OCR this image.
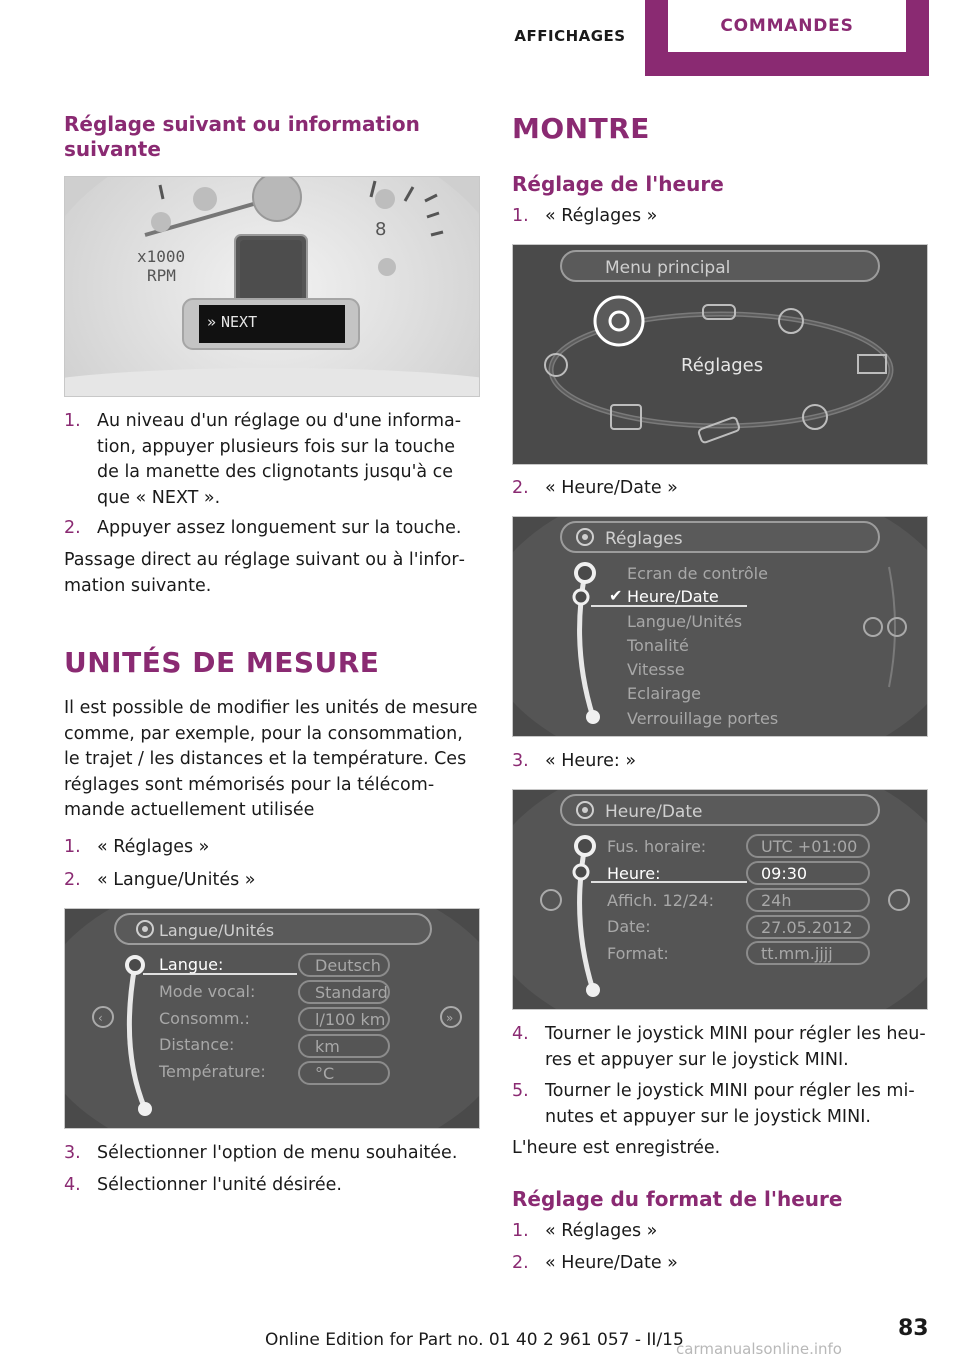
AFFICHAGES	COMMANDES
Réglage suivant ou information suivante
x1000
RPM
8
» NEXT
1. Au niveau d'un réglage ou d'une information, appuyer plusieurs fois sur la touche de la manette des clignotants jusqu'à ce que « NEXT ».
2. Appuyer assez longuement sur la touche.
Passage direct au réglage suivant ou à l'information suivante.
UNITÉS DE MESURE
Il est possible de modifier les unités de mesure comme, par exemple, pour la consommation, le trajet / les distances et la température. Ces réglages sont mémorisés pour la télécommande actuellement utilisée
1. « Réglages »
2. « Langue/Unités »
Langue/Unités
‹	»
Langue:
Mode vocal:
Consomm.:
Distance:
Température:
Deutsch
Standard
l/100 km
km
°C
3. Sélectionner l'option de menu souhaitée.
4. Sélectionner l'unité désirée.
MONTRE
Réglage de l'heure
1. « Réglages »
Menu principal
Réglages
2. « Heure/Date »
Réglages
✔
Ecran de contrôle
Heure/Date
Langue/Unités
Tonalité
Vitesse
Eclairage
Verrouillage portes
3. « Heure: »
Heure/Date
Fus. horaire:
Heure:
Affich. 12/24:
Date:
Format:
UTC +01:00
09:30
24h
27.05.2012
tt.mm.jjjj
4. Tourner le joystick MINI pour régler les heures et appuyer sur le joystick MINI.
5. Tourner le joystick MINI pour régler les minutes et appuyer sur le joystick MINI.
L'heure est enregistrée.
Réglage du format de l'heure
1. « Réglages »
2. « Heure/Date »
83
Online Edition for Part no. 01 40 2 961 057 - II/15
carmanualsonline.info
